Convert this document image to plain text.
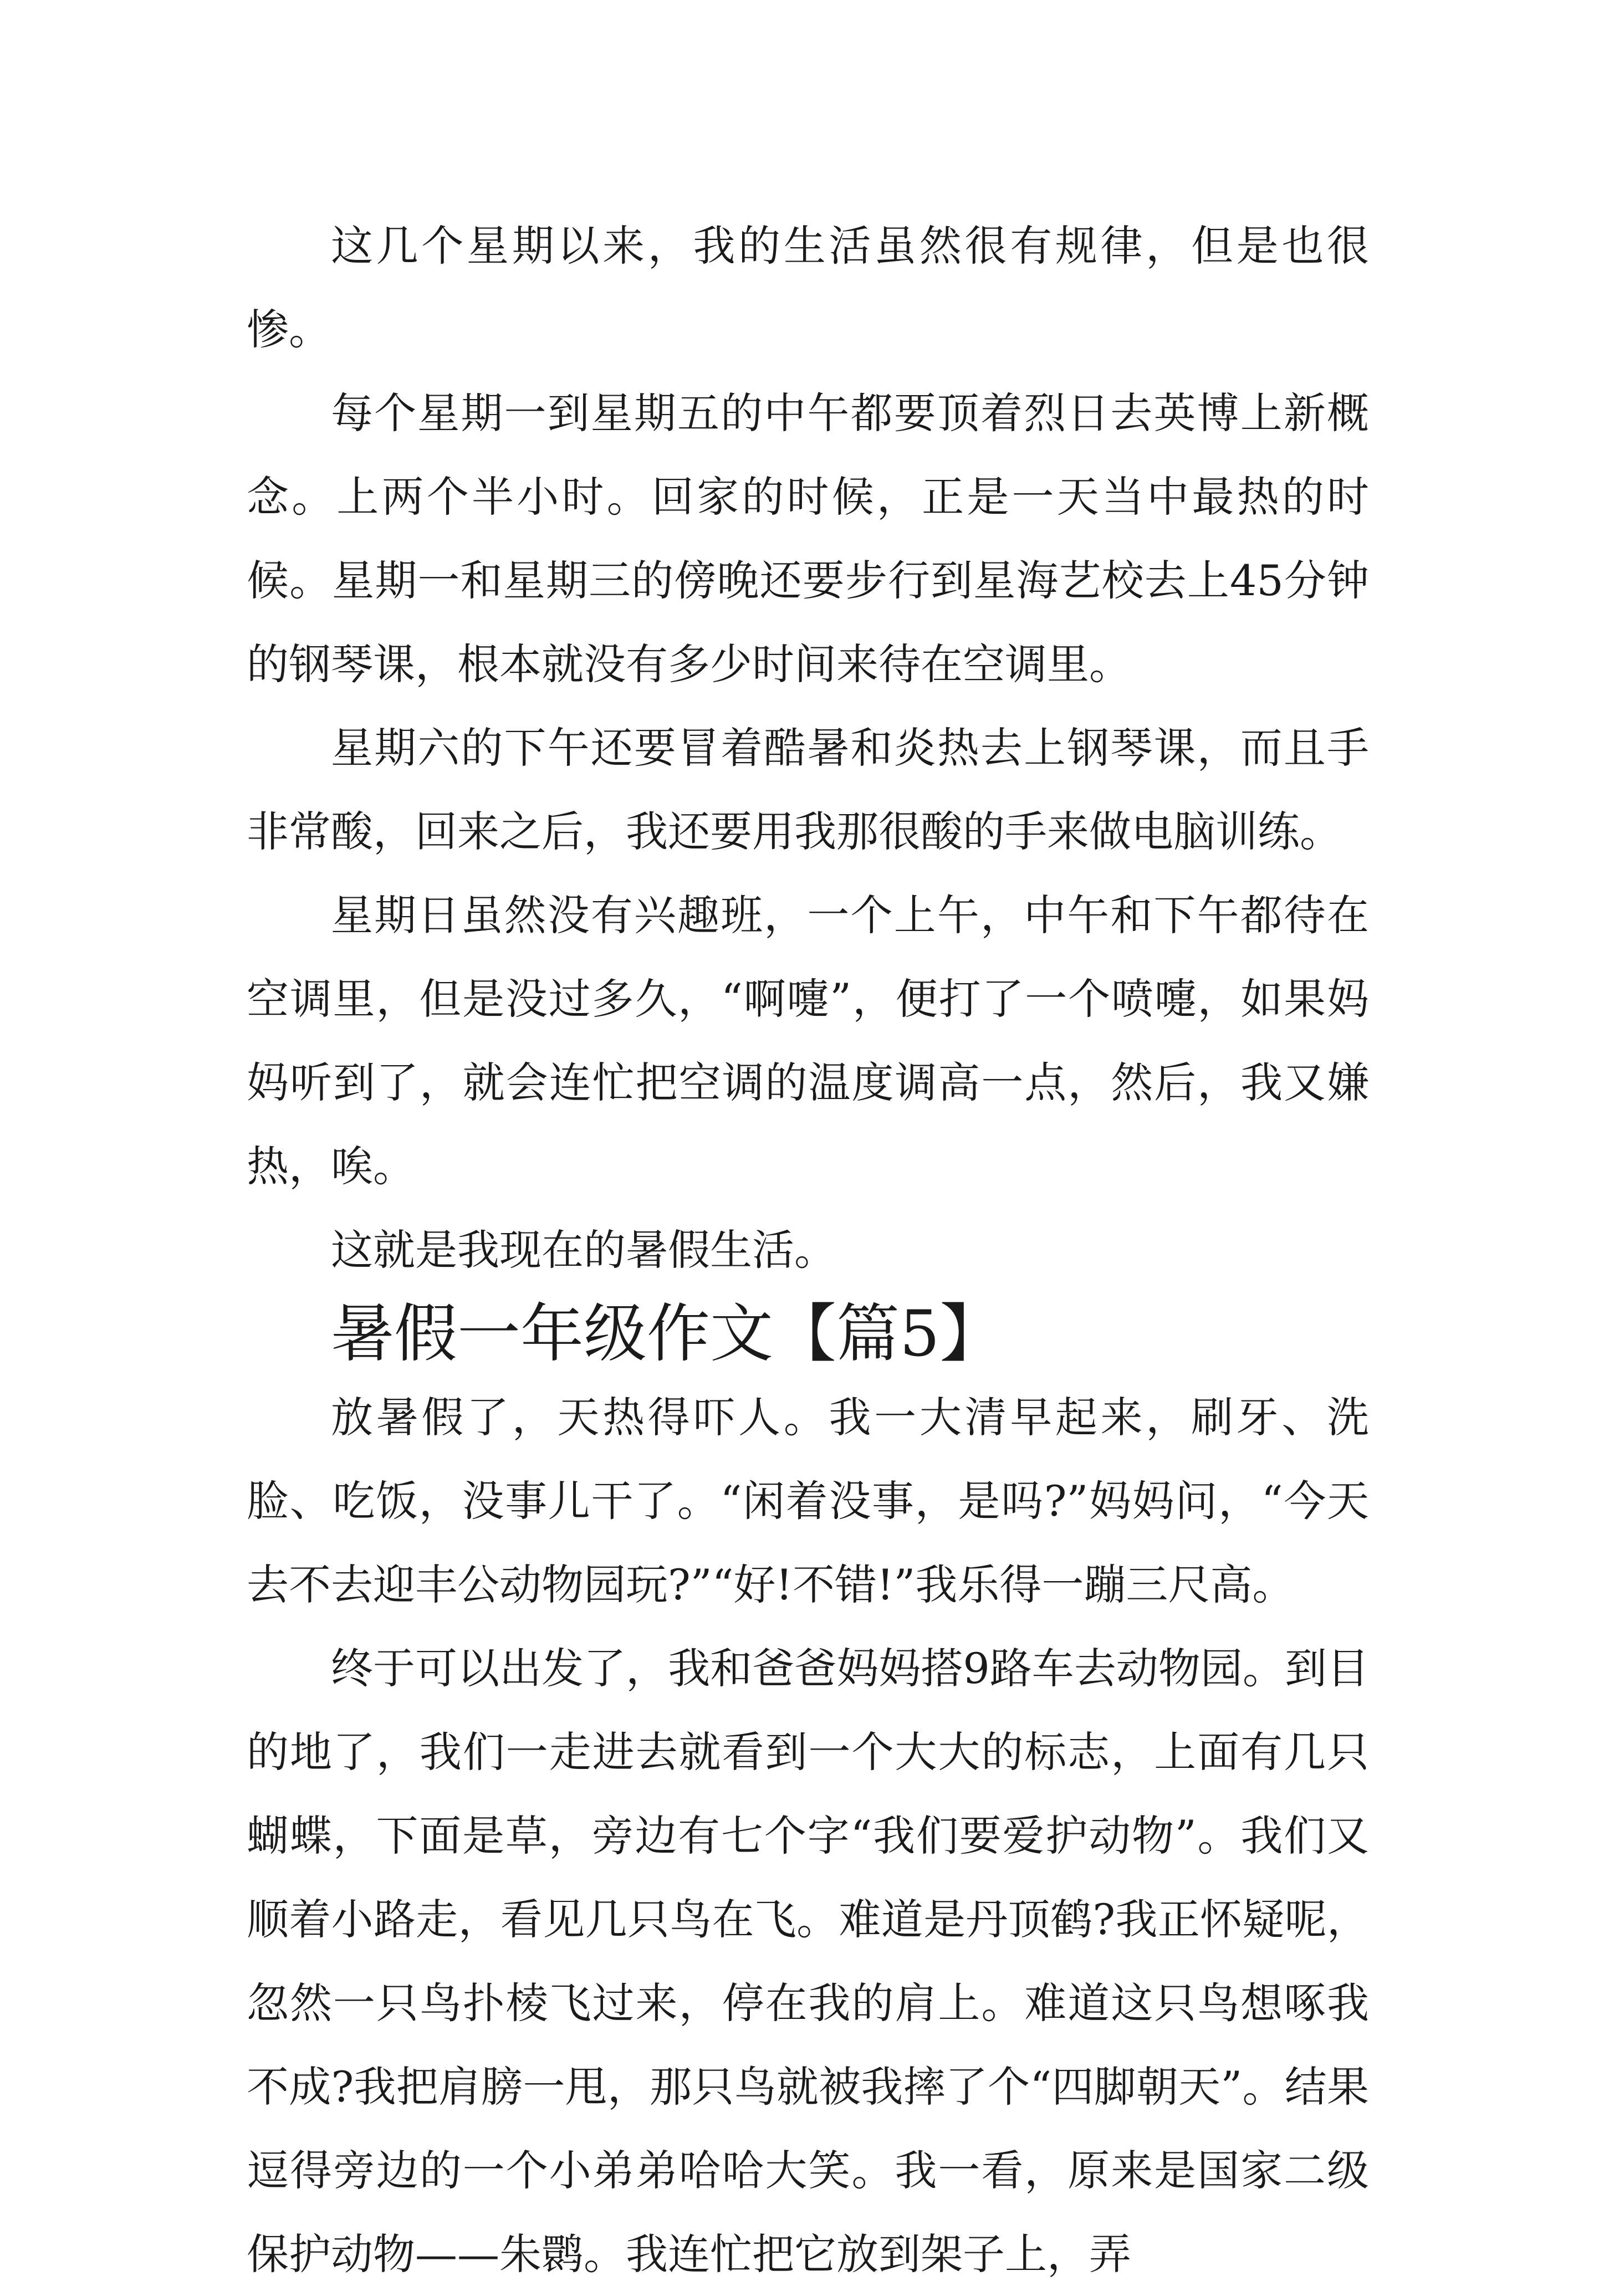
这几个星期以来，我的生活虽然很有规律，但是也很惨。

每个星期一到星期五的中午都要顶着烈日去英博上新概念。上两个半小时。回家的时候，正是一天当中最热的时候。星期一和星期三的傍晚还要步行到星海艺校去上45分钟的钢琴课，根本就没有多少时间来待在空调里。

星期六的下午还要冒着酷暑和炎热去上钢琴课，而且手非常酸，回来之后，我还要用我那很酸的手来做电脑训练。

星期日虽然没有兴趣班，一个上午，中午和下午都待在空调里，但是没过多久，“啊嚏”，便打了一个喷嚏，如果妈妈听到了，就会连忙把空调的温度调高一点，然后，我又嫌热，唉。

这就是我现在的暑假生活。

暑假一年级作文【篇5】

放暑假了，天热得吓人。我一大清早起来，刷牙、洗脸、吃饭，没事儿干了。“闲着没事，是吗?”妈妈问，“今天去不去迎丰公动物园玩?”“好!不错!”我乐得一蹦三尺高。

终于可以出发了，我和爸爸妈妈搭9路车去动物园。到目的地了，我们一走进去就看到一个大大的标志，上面有几只蝴蝶，下面是草，旁边有七个字“我们要爱护动物”。我们又顺着小路走，看见几只鸟在飞。难道是丹顶鹤?我正怀疑呢，忽然一只鸟扑棱飞过来，停在我的肩上。难道这只鸟想啄我不成?我把肩膀一甩，那只鸟就被我摔了个“四脚朝天”。结果逗得旁边的一个小弟弟哈哈大笑。我一看，原来是国家二级保护动物——朱鹮。我连忙把它放到架子上，弄
